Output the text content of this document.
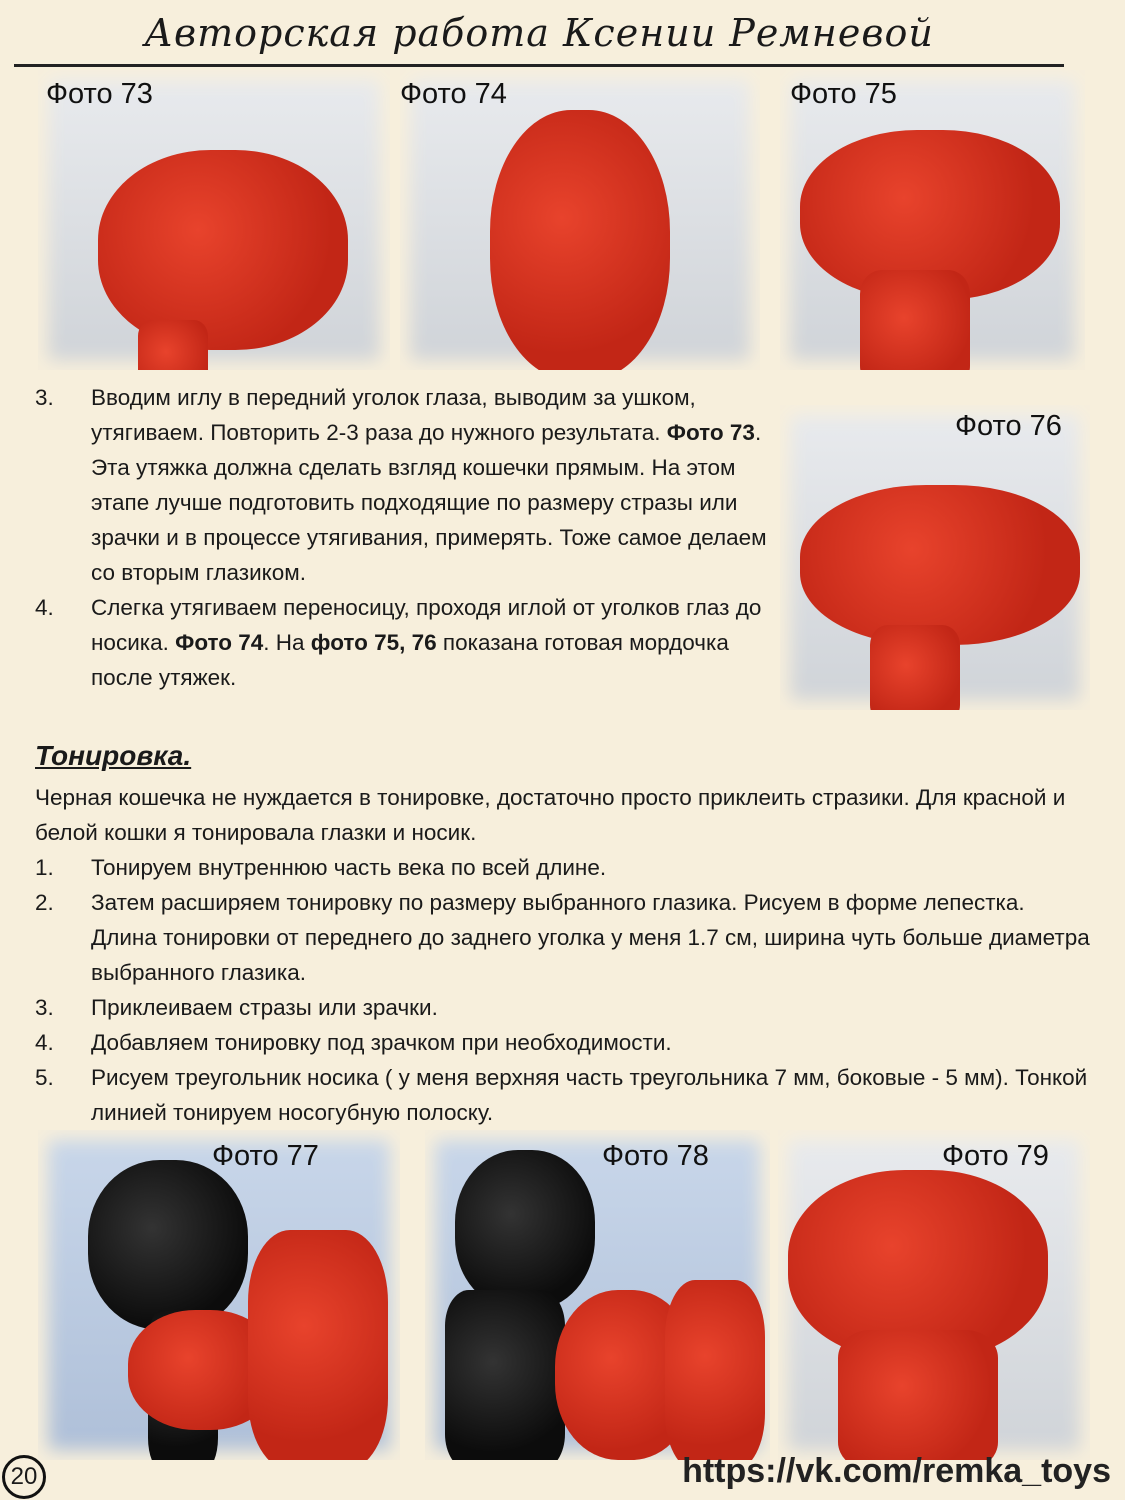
Авторская работа Ксении Ремневой
Фото 73	Фото 74	Фото 75
Фото 76
3. Вводим иглу в передний уголок глаза, выводим за ушком, утягиваем. Повторить 2-3 раза до нужного результата. Фото 73. Эта утяжка должна сделать взгляд кошечки прямым. На этом этапе лучше подготовить подходящие по размеру стразы или зрачки и в процессе утягивания, примерять. Тоже самое делаем со вторым глазиком.
4. Слегка утягиваем переносицу, проходя иглой от уголков глаз до носика. Фото 74. На фото 75, 76 показана готовая мордочка после утяжек.
Тонировка.
Черная кошечка не нуждается в тонировке, достаточно просто приклеить стразики. Для красной и белой кошки я тонировала глазки и носик.
1. Тонируем внутреннюю часть века по всей длине.
2. Затем расширяем тонировку по размеру выбранного глазика. Рисуем в форме лепестка. Длина тонировки от переднего до заднего уголка у меня 1.7 см, ширина чуть больше диаметра выбранного глазика.
3. Приклеиваем стразы или зрачки.
4. Добавляем тонировку под зрачком при необходимости.
5. Рисуем треугольник носика ( у меня верхняя часть треугольника 7 мм, боковые - 5 мм). Тонкой линией тонируем носогубную полоску.
Фото 77	Фото 78	Фото 79
20	https://vk.com/remka_toys
